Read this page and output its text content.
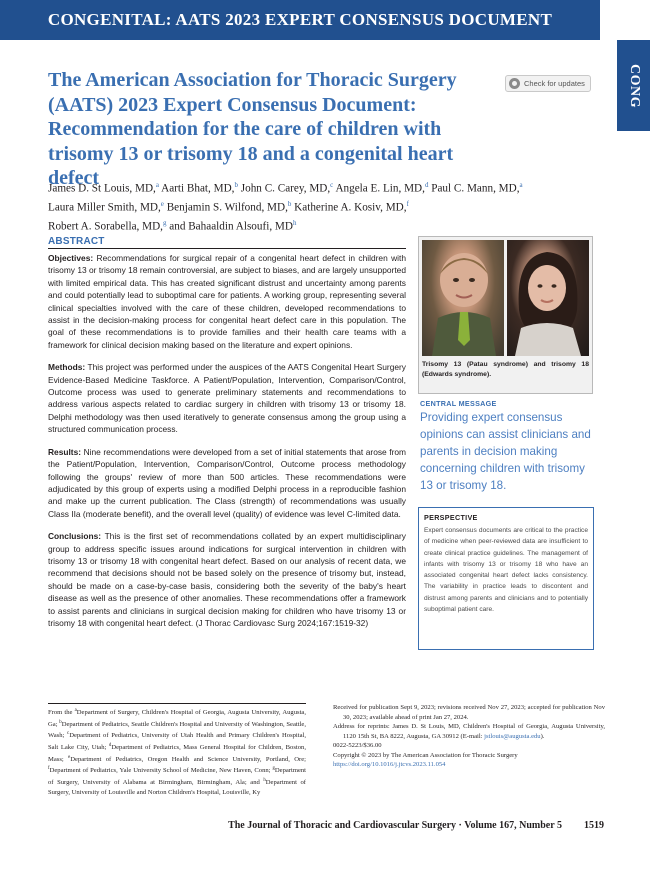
CONGENITAL: AATS 2023 EXPERT CONSENSUS DOCUMENT
CONG
The American Association for Thoracic Surgery (AATS) 2023 Expert Consensus Document: Recommendation for the care of children with trisomy 13 or trisomy 18 and a congenital heart defect
Check for updates
James D. St Louis, MD,$^a$ Aarti Bhat, MD,$^b$ John C. Carey, MD,$^c$ Angela E. Lin, MD,$^d$ Paul C. Mann, MD,$^a$
Laura Miller Smith, MD,$^e$ Benjamin S. Wilfond, MD,$^b$ Katherine A. Kosiv, MD,$^f$
Robert A. Sorabella, MD,$^g$ and Bahaaldin Alsoufi, $MD^h$
ABSTRACT

Objectives: Recommendations for surgical repair of a congenital heart defect in children with trisomy 13 or trisomy 18 remain controversial, are subject to biases, and are largely unsupported with limited empirical data. This has created significant distrust and uncertainty among parents and could potentially lead to suboptimal care for patients. A working group, representing several clinical specialties involved with the care of these children, developed recommendations to assist in the decision-making process for congenital heart defect care in this population. The goal of these recommendations is to provide families and their health care teams with a framework for clinical decision making based on the literature and expert opinions.

Methods: This project was performed under the auspices of the AATS Congenital Heart Surgery Evidence-Based Medicine Taskforce. A Patient/Population, Intervention, Comparison/Control, Outcome process was used to generate preliminary statements and recommendations to address various aspects related to cardiac surgery in children with trisomy 13 or trisomy 18. Delphi methodology was then used iteratively to generate consensus among the group using a structured communication process.

Results: Nine recommendations were developed from a set of initial statements that arose from the Patient/Population, Intervention, Comparison/Control, Outcome process methodology following the groups' review of more than 500 articles. These recommendations were adjudicated by this group of experts using a modified Delphi process in a reproducible fashion and make up the current publication. The Class (strength) of recommendations was usually Class IIa (moderate benefit), and the overall level (quality) of evidence was level C-limited data.

Conclusions: This is the first set of recommendations collated by an expert multidisciplinary group to address specific issues around indications for surgical intervention in children with trisomy 13 or trisomy 18 with congenital heart defect. Based on our analysis of recent data, we recommend that decisions should not be based solely on the presence of trisomy but, instead, should be made on a case-by-case basis, considering both the severity of the baby's heart disease as well as the presence of other anomalies. These recommendations offer a framework to assist parents and clinicians in surgical decision making for children who have trisomy 13 or trisomy 18 with congenital heart defect. (J Thorac Cardiovasc Surg 2024;167:1519-32)

Trisomy 13 (Patau syndrome) and trisomy 18 (Edwards syndrome).
CENTRAL MESSAGE
Providing expert consensus opinions can assist clinicians and parents in decision making concerning children with trisomy 13 or trisomy 18.
PERSPECTIVE
Expert consensus documents are critical to the practice of medicine when peer-reviewed data are insufficient to create clinical practice guidelines. The management of infants with trisomy 13 or trisomy 18 who have an associated congenital heart defect lacks consistency. The variability in practice leads to discontent and distrust among parents and clinicians and to potentially suboptimal patient care.
From the $^a$Department of Surgery, Children's Hospital of Georgia, Augusta University, Augusta, Ga; $^b$Department of Pediatrics, Seattle Children's Hospital and University of Washington, Seattle, Wash; $^c$Department of Pediatrics, University of Utah Health and Primary Children's Hospital, Salt Lake City, Utah; $^d$Department of Pediatrics, Mass General Hospital for Children, Boston, Mass; $^e$Department of Pediatrics, Oregon Health and Science University, Portland, Ore; $^f$Department of Pediatrics, Yale University School of Medicine, New Haven, Conn; $^g$Department of Surgery, University of Alabama at Birmingham, Birmingham, Ala; and $^h$Department of Surgery, University of Louisville and Norton Children's Hospital, Louisville, Ky

Received for publication Sept 9, 2023; revisions received Nov 27, 2023; accepted for publication Nov 30, 2023; available ahead of print Jan 27, 2024.

Address for reprints: James D. St Louis, MD, Children's Hospital of Georgia, Augusta University, 1120 15th St, BA 8222, Augusta, GA 30912 (E-mail: jstlouis@augusta.edu).

0022-5223/$36.00

Copyright © 2023 by The American Association for Thoracic Surgery

https://doi.org/10.1016/j.jtcvs.2023.11.054

The Journal of Thoracic and Cardiovascular Surgery · Volume 167, Number 5 1519
